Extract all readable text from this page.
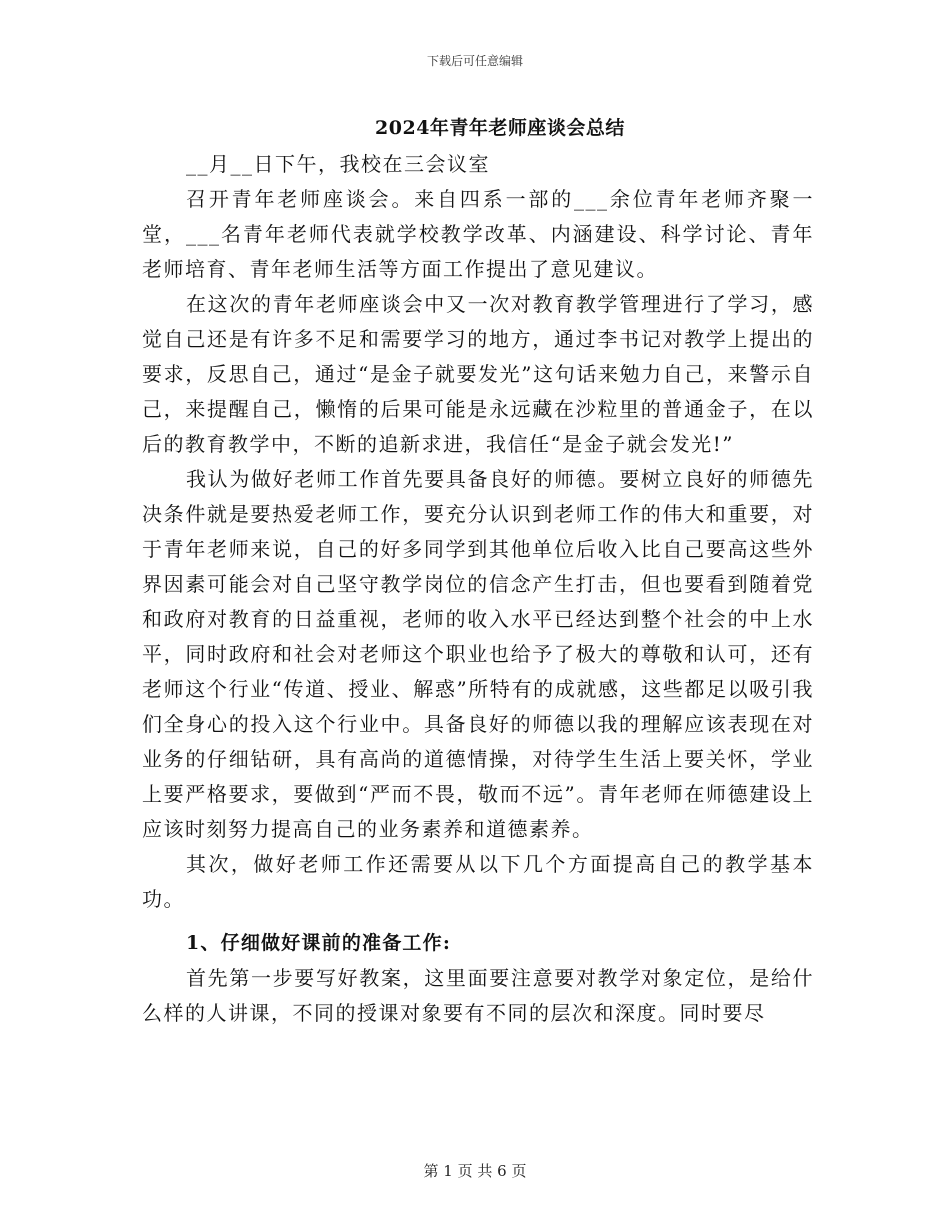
下载后可任意编辑
2024年青年老师座谈会总结

__月__日下午，我校在三会议室

召开青年老师座谈会。来自四系一部的___余位青年老师齐聚一堂，___名青年老师代表就学校教学改革、内涵建设、科学讨论、青年老师培育、青年老师生活等方面工作提出了意见建议。

在这次的青年老师座谈会中又一次对教育教学管理进行了学习，感觉自己还是有许多不足和需要学习的地方，通过李书记对教学上提出的要求，反思自己，通过“是金子就要发光”这句话来勉力自己，来警示自己，来提醒自己，懒惰的后果可能是永远藏在沙粒里的普通金子，在以后的教育教学中，不断的追新求进，我信任“是金子就会发光!”

我认为做好老师工作首先要具备良好的师德。要树立良好的师德先决条件就是要热爱老师工作，要充分认识到老师工作的伟大和重要，对于青年老师来说，自己的好多同学到其他单位后收入比自己要高这些外界因素可能会对自己坚守教学岗位的信念产生打击，但也要看到随着党和政府对教育的日益重视，老师的收入水平已经达到整个社会的中上水平，同时政府和社会对老师这个职业也给予了极大的尊敬和认可，还有老师这个行业“传道、授业、解惑”所特有的成就感，这些都足以吸引我们全身心的投入这个行业中。具备良好的师德以我的理解应该表现在对业务的仔细钻研，具有高尚的道德情操，对待学生生活上要关怀，学业上要严格要求，要做到“严而不畏，敬而不远”。青年老师在师德建设上应该时刻努力提高自己的业务素养和道德素养。

其次，做好老师工作还需要从以下几个方面提高自己的教学基本功。

1、仔细做好课前的准备工作:

首先第一步要写好教案，这里面要注意要对教学对象定位，是给什么样的人讲课，不同的授课对象要有不同的层次和深度。同时要尽

第 1 页 共 6 页
